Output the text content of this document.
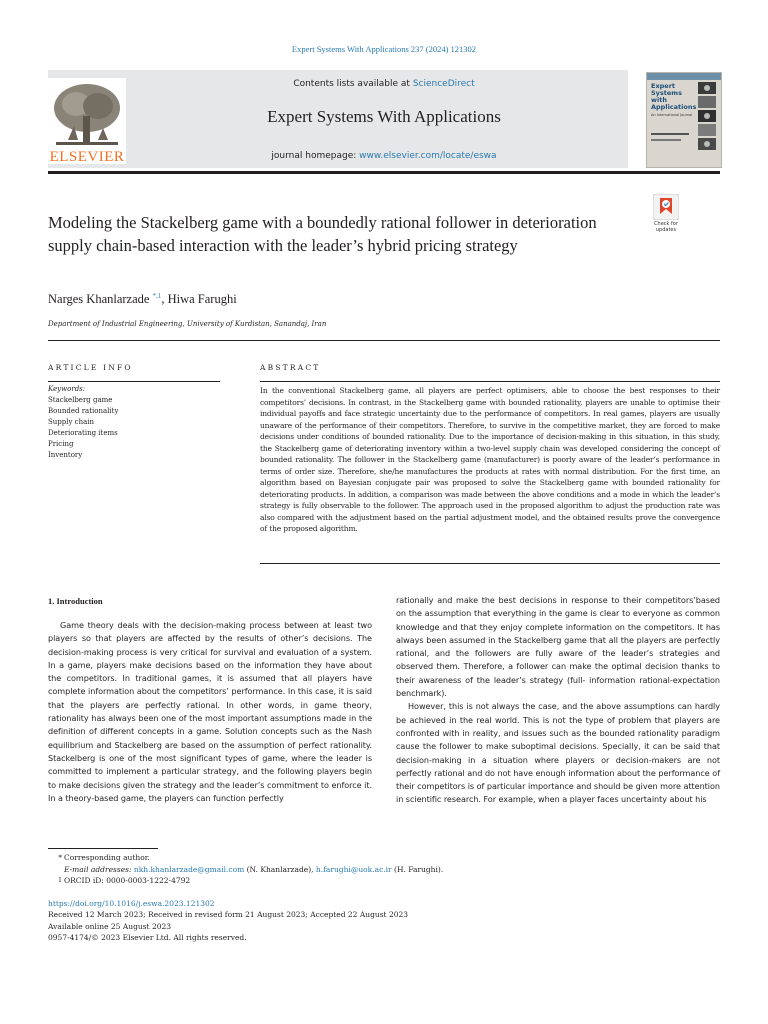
Expert Systems With Applications 237 (2024) 121302
ELSEVIER
Contents lists available at ScienceDirect
Expert Systems With Applications
journal homepage: www.elsevier.com/locate/eswa
Expert Systems with Applications
An International Journal
Modeling the Stackelberg game with a boundedly rational follower in deterioration supply chain-based interaction with the leader’s hybrid pricing strategy
Check for updates
Narges Khanlarzade $^{*,1}$, Hiwa Farughi
Department of Industrial Engineering, University of Kurdistan, Sanandaj, Iran
ARTICLE INFO	ABSTRACT
Keywords:
Stackelberg game
Bounded rationality
Supply chain
Deteriorating items
Pricing
Inventory
In the conventional Stackelberg game, all players are perfect optimisers, able to choose the best responses to their competitors’ decisions. In contrast, in the Stackelberg game with bounded rationality, players are unable to optimise their individual payoffs and face strategic uncertainty due to the performance of competitors. In real games, players are usually unaware of the performance of their competitors. Therefore, to survive in the competitive market, they are forced to make decisions under conditions of bounded rationality. Due to the importance of decision-making in this situation, in this study, the Stackelberg game of deteriorating inventory within a two-level supply chain was developed considering the concept of bounded rationality. The follower in the Stackelberg game (manufacturer) is poorly aware of the leader’s performance in terms of order size. Therefore, she/he manufactures the products at rates with normal distribution. For the first time, an algorithm based on Bayesian conjugate pair was proposed to solve the Stackelberg game with bounded rationality for deteriorating products. In addition, a comparison was made between the above conditions and a mode in which the leader’s strategy is fully observable to the follower. The approach used in the proposed algorithm to adjust the production rate was also compared with the adjustment based on the partial adjustment model, and the obtained results prove the convergence of the proposed algorithm.
1. Introduction

Game theory deals with the decision-making process between at least two players so that players are affected by the results of other’s decisions. The decision-making process is very critical for survival and evaluation of a system. In a game, players make decisions based on the information they have about the competitors. In traditional games, it is assumed that all players have complete information about the competitors’ performance. In this case, it is said that the players are perfectly rational. In other words, in game theory, rationality has always been one of the most important assumptions made in the definition of different concepts in a game. Solution concepts such as the Nash equilibrium and Stackelberg are based on the assumption of perfect rationality. Stackelberg is one of the most significant types of game, where the leader is committed to implement a particular strategy, and the following players begin to make decisions given the strategy and the leader’s commitment to enforce it. In a theory-based game, the players can function perfectly

rationally and make the best decisions in response to their competitors’based on the assumption that everything in the game is clear to everyone as common knowledge and that they enjoy complete information on the competitors. It has always been assumed in the Stackelberg game that all the players are perfectly rational, and the followers are fully aware of the leader’s strategies and observed them. Therefore, a follower can make the optimal decision thanks to their awareness of the leader’s strategy (full- information rational-expectation benchmark).

However, this is not always the case, and the above assumptions can hardly be achieved in the real world. This is not the type of problem that players are confronted with in reality, and issues such as the bounded rationality paradigm cause the follower to make suboptimal decisions. Specially, it can be said that decision-making in a situation where players or decision-makers are not perfectly rational and do not have enough information about the performance of their competitors is of particular importance and should be given more attention in scientific research. For example, when a player faces uncertainty about his

* Corresponding author.
E-mail addresses: nkh.khanlarzade@gmail.com (N. Khanlarzade), h.farughi@uok.ac.ir (H. Farughi).
1 ORCID iD: 0000-0003-1222-4792
https://doi.org/10.1016/j.eswa.2023.121302
Received 12 March 2023; Received in revised form 21 August 2023; Accepted 22 August 2023
Available online 25 August 2023
0957-4174/© 2023 Elsevier Ltd. All rights reserved.
